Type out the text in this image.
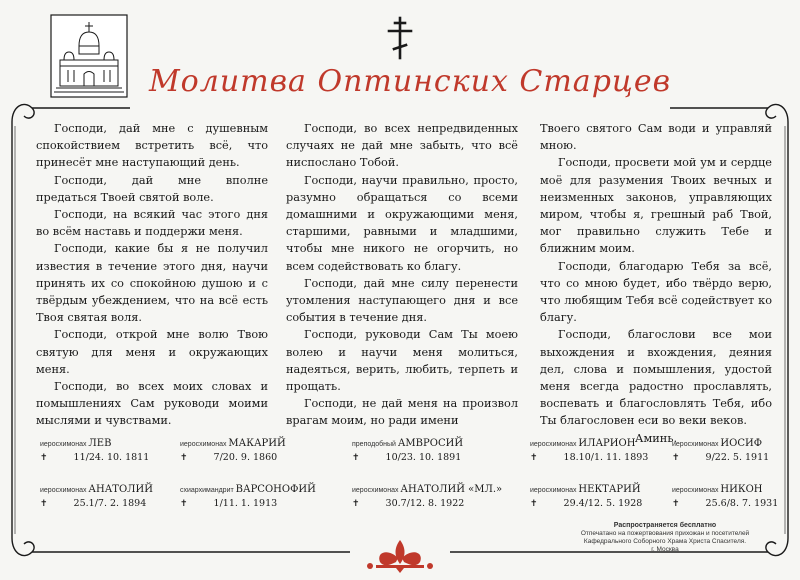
Молитва Оптинских Старцев

Господи, дай мне с душевным спокойствием встретить всё, что принесёт мне наступающий день.

Господи, дай мне вполне предаться Твоей святой воле.

Господи, на всякий час этого дня во всём наставь и поддержи меня.

Господи, какие бы я не получил известия в течение этого дня, научи принять их со спокойною душою и с твёрдым убеждением, что на всё есть Твоя святая воля.

Господи, открой мне волю Твою святую для меня и окружающих меня.

Господи, во всех моих словах и помышлениях Сам руководи моими мыслями и чувствами.

Господи, во всех непредвиденных случаях не дай мне забыть, что всё ниспослано Тобой.

Господи, научи правильно, просто, разумно обращаться со всеми домашними и окружающими меня, старшими, равными и младшими, чтобы мне никого не огорчить, но всем содействовать ко благу.

Господи, дай мне силу перенести утомления наступающего дня и все события в течение дня.

Господи, руководи Сам Ты моею волею и научи меня молиться, надеяться, верить, любить, терпеть и прощать.

Господи, не дай меня на произвол врагам моим, но ради имени

Твоего святого Сам води и управляй мною.

Господи, просвети мой ум и сердце моё для разумения Твоих вечных и неизменных законов, управляющих миром, чтобы я, грешный раб Твой, мог правильно служить Тебе и ближним моим.

Господи, благодарю Тебя за всё, что со мною будет, ибо твёрдо верю, что любящим Тебя всё содействует ко благу.

Господи, благослови все мои выхождения и вхождения, деяния дел, слова и помышления, удостой меня всегда радостно прославлять, воспевать и благословлять Тебя, ибо Ты благословен еси во веки веков.

Аминь.

иеросхимонах ЛЕВ
✝	11/24. 10. 1811
иеросхимонах МАКАРИЙ
✝	7/20. 9. 1860
преподобный АМВРОСИЙ
✝	10/23. 10. 1891
иеросхимонах ИЛАРИОН
✝	18.10/1. 11. 1893
иеросхимонах ИОСИФ
✝	9/22. 5. 1911
иеросхимонах АНАТОЛИЙ
✝	25.1/7. 2. 1894
схиархимандрит ВАРСОНОФИЙ
✝	1/11. 1. 1913
иеросхимонах АНАТОЛИЙ «МЛ.»
✝	30.7/12. 8. 1922
иеросхимонах НЕКТАРИЙ
✝	29.4/12. 5. 1928
иеросхимонах НИКОН
✝	25.6/8. 7. 1931
Распространяется бесплатно
Отпечатано на пожертвования прихожан и посетителей
Кафедрального Соборного Храма Христа Спасителя.
г. Москва
